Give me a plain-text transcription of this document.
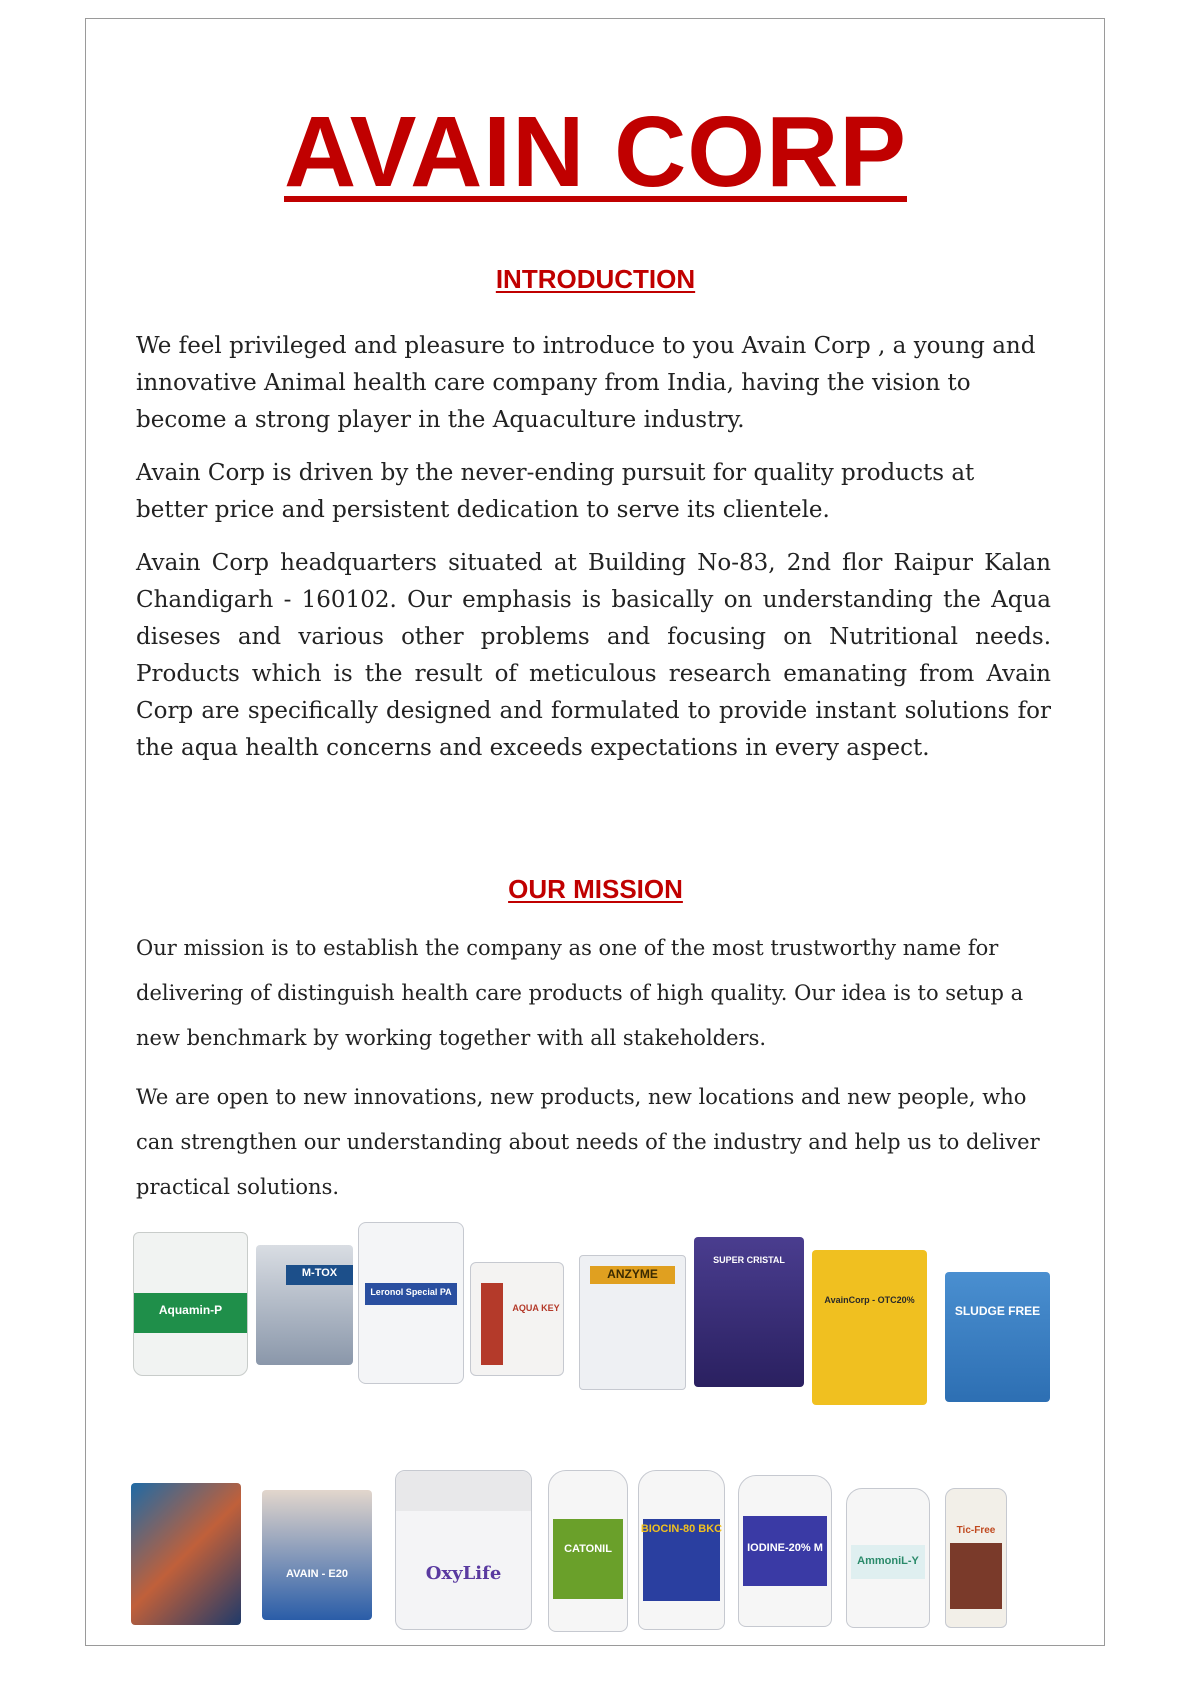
AVAIN CORP
INTRODUCTION

We feel privileged and pleasure to introduce to you Avain Corp , a young and innovative Animal health care company from India, having the vision to become a strong player in the Aquaculture industry.

Avain Corp is driven by the never-ending pursuit for quality products at better price and persistent dedication to serve its clientele.

Avain Corp headquarters situated at Building No-83, 2nd flor Raipur Kalan Chandigarh - 160102. Our emphasis is basically on understanding the Aqua diseses and various other problems and focusing on Nutritional needs. Products which is the result of meticulous research emanating from Avain Corp are specifically designed and formulated to provide instant solutions for the aqua health concerns and exceeds expectations in every aspect.

OUR MISSION

Our mission is to establish the company as one of the most trustworthy name for delivering of distinguish health care products of high quality. Our idea is to setup a new benchmark by working together with all stakeholders.

We are open to new innovations, new products, new locations and new people, who can strengthen our understanding about needs of the industry and help us to deliver practical solutions.

Aquamin-P
M-TOX
Leronol Special PA
AQUA KEY
ANZYME
SUPER CRISTAL
AvainCorp - OTC20%
SLUDGE FREE
AVAIN - E20	OxyLife
CATONIL
BIOCIN-80 BKC
IODINE-20% M
AmmoniL-Y
Tic-Free
